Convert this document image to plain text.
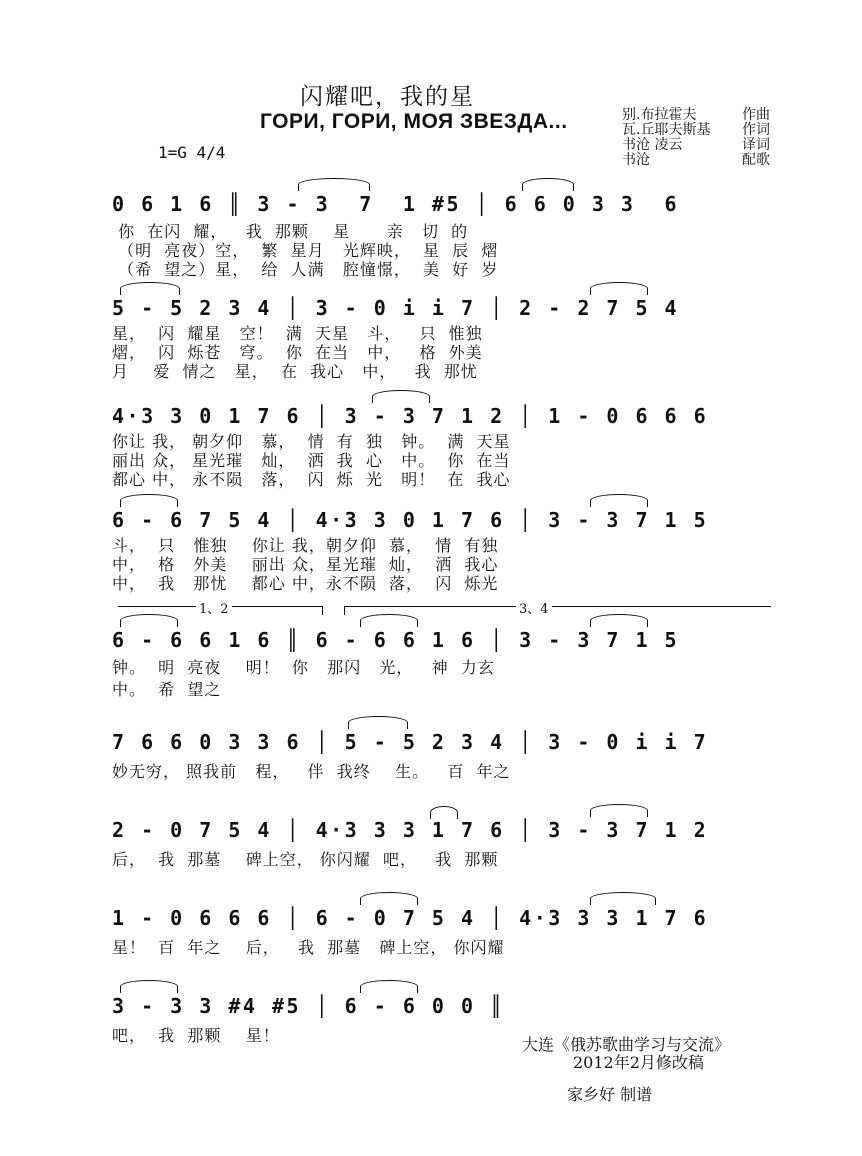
闪耀吧，我的星
ГОРИ, ГОРИ, МОЯ ЗВЕЗДА...	别.布拉霍夫	作曲
瓦.丘耶夫斯基 作词
书沧 凌云	译词
书沧	配歌
1=G 4/4
0 6 1 6 ║ 3 - 3  7  1 #5 │ 6 6 0 3 3  6
你  在闪  耀，   我  那颗    星      亲   切  的
（明  亮夜）空，  繁  星月   光辉映，  星  辰  熠
（希  望之）星，  给  人满   腔憧憬，  美  好  岁
5 - 5 2 3 4 │ 3 - 0 i i 7 │ 2 - 2 7 5 4
星，  闪  耀星   空！  满  天星   斗，   只  惟独
熠，  闪  烁苍   穹。  你  在当   中，   格  外美
月    爱  情之   星，  在  我心   中，   我  那忧
4·3 3 0 1 7 6 │ 3 - 3 7 1 2 │ 1 - 0 6 6 6
你让 我， 朝夕仰   慕，  情  有  独   钟。  满  天星
丽出 众， 星光璀   灿，  洒  我  心   中。  你  在当
都心 中， 永不陨   落，  闪  烁  光   明！  在  我心
6 - 6 7 5 4 │ 4·3 3 0 1 7 6 │ 3 - 3 7 1 5
斗，  只   惟独    你让 我，朝夕仰  慕，  情  有独
中，  格   外美    丽出 众，星光璀  灿，  洒  我心
中，  我   那忧    都心 中，永不陨  落，  闪  烁光
1、2	3、4
6 - 6 6 1 6 ║ 6 - 6 6 1 6 │ 3 - 3 7 1 5
钟。  明  亮夜    明！  你   那闪   光，   神  力玄
中。  希  望之
7 6 6 0 3 3 6 │ 5 - 5 2 3 4 │ 3 - 0 i i 7
妙无穷， 照我前   程，   伴  我终    生。   百  年之
2 - 0 7 5 4 │ 4·3 3 3 1 7 6 │ 3 - 3 7 1 2
后，  我  那墓    碑上空， 你闪耀  吧，   我  那颗
1 - 0 6 6 6 │ 6 - 0 7 5 4 │ 4·3 3 3 1 7 6
星！  百  年之    后，   我  那墓   碑上空， 你闪耀
3 - 3 3 #4 #5 │ 6 - 6 0 0 ║
吧，  我  那颗    星！	大连《俄苏歌曲学习与交流》
2012年2月修改稿
家乡好 制谱
